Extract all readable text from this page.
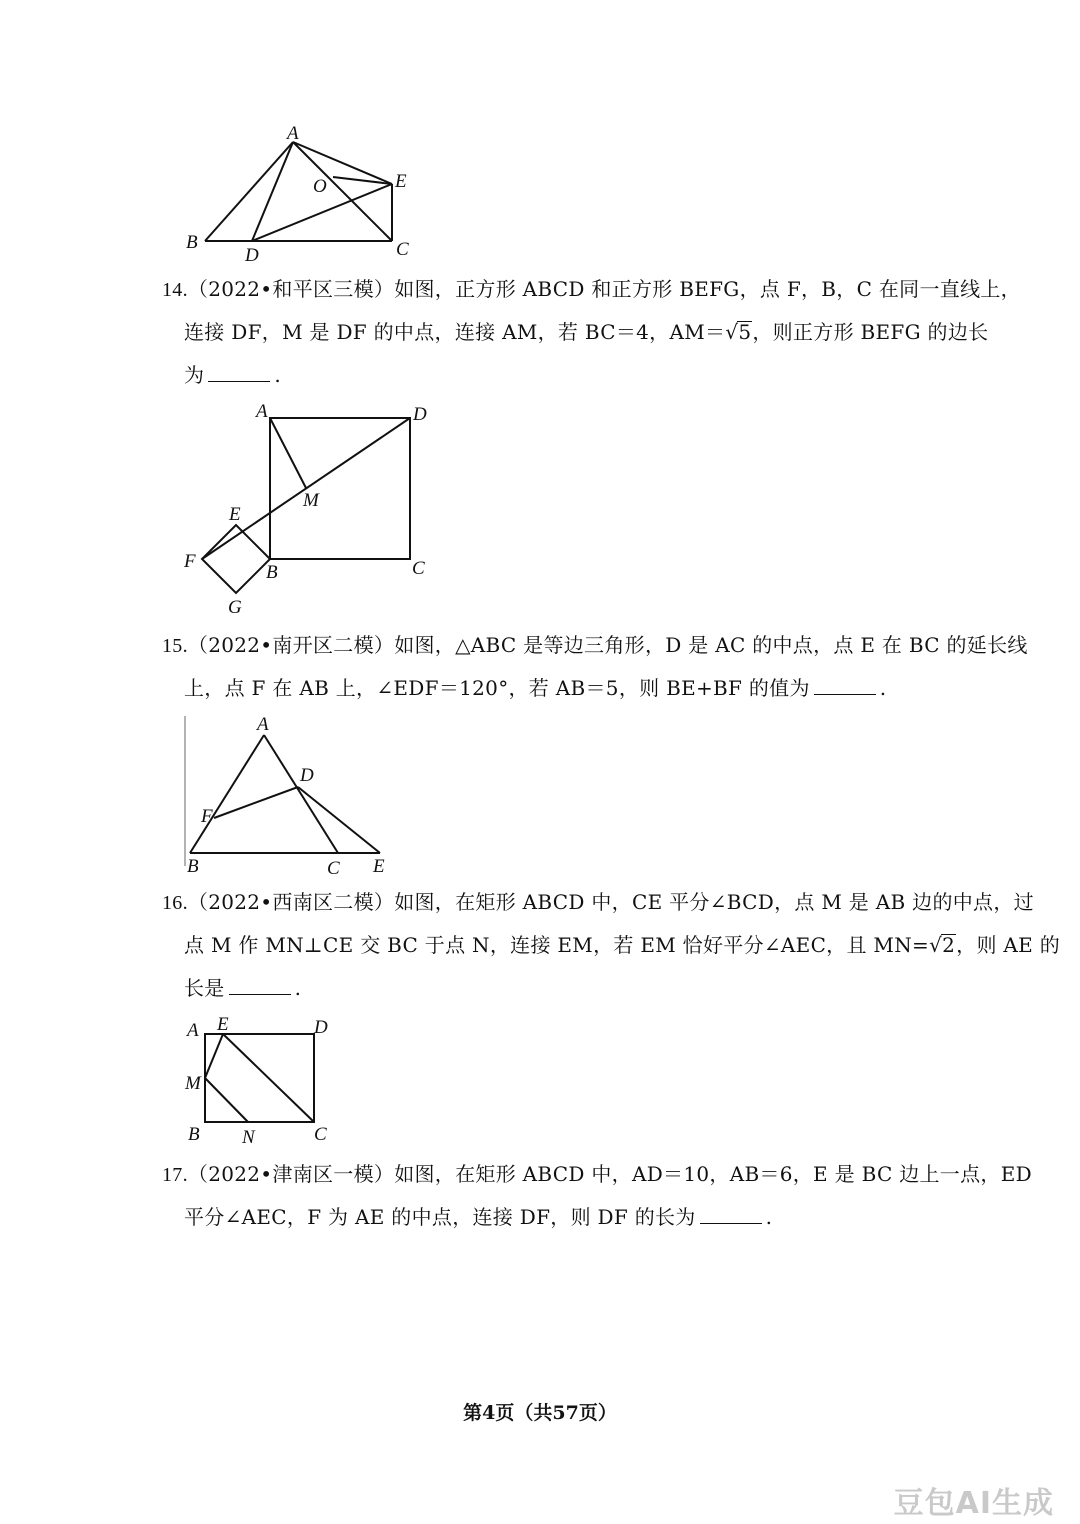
A
O	E
B
D	C
14.（2022•和平区三模）如图，正方形 ABCD 和正方形 BEFG，点 F，B，C 在同一直线上，
连接 DF，M 是 DF 的中点，连接 AM，若 BC＝4，AM＝√5，则正方形 BEFG 的边长
为	.
A	D
M
E
F
B	C
G
15.（2022•南开区二模）如图，△ABC 是等边三角形，D 是 AC 的中点，点 E 在 BC 的延长线
上，点 F 在 AB 上，∠EDF＝120°，若 AB＝5，则 BE+BF 的值为	.
A
D
F
B	C E
16.（2022•西南区二模）如图，在矩形 ABCD 中，CE 平分∠BCD，点 M 是 AB 边的中点，过
点 M 作 MN⊥CE 交 BC 于点 N，连接 EM，若 EM 恰好平分∠AEC，且 MN=√2，则 AE 的
长是	.
A E	D
M
B N	C
17.（2022•津南区一模）如图，在矩形 ABCD 中，AD＝10，AB＝6，E 是 BC 边上一点，ED
平分∠AEC，F 为 AE 的中点，连接 DF，则 DF 的长为	.
第4页（共57页）
豆包AI生成
